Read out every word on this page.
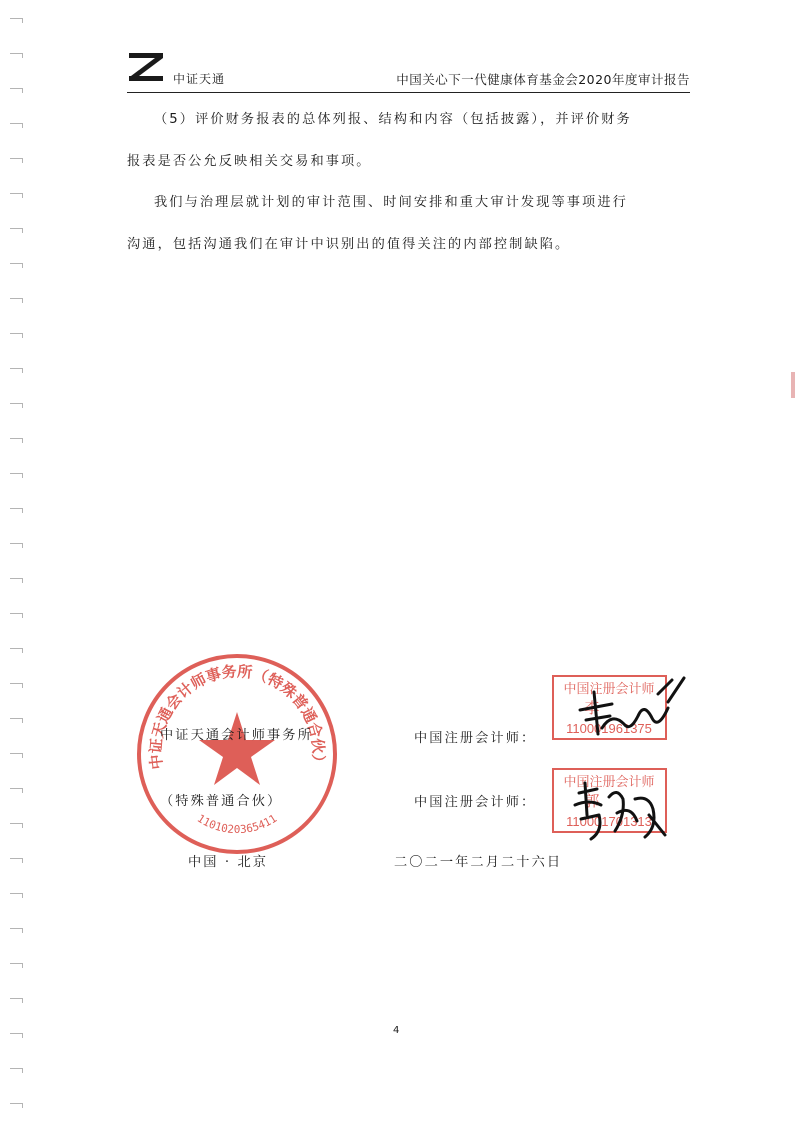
中证天通	中国关心下一代健康体育基金会2020年度审计报告
（5）评价财务报表的总体列报、结构和内容（包括披露），并评价财务
报表是否公允反映相关交易和事项。
我们与治理层就计划的审计范围、时间安排和重大审计发现等事项进行
沟通，包括沟通我们在审计中识别出的值得关注的内部控制缺陷。
中证天通会计师事务所（特殊普通合伙）
1101020365411
中证天通会计师事务所
（特殊普通合伙）
中国 · 北京
中国注册会计师：
中国注册会计师：
二〇二一年二月二十六日
中国注册会计师
李
110001961375
中国注册会计师
郭
110001701313
4
